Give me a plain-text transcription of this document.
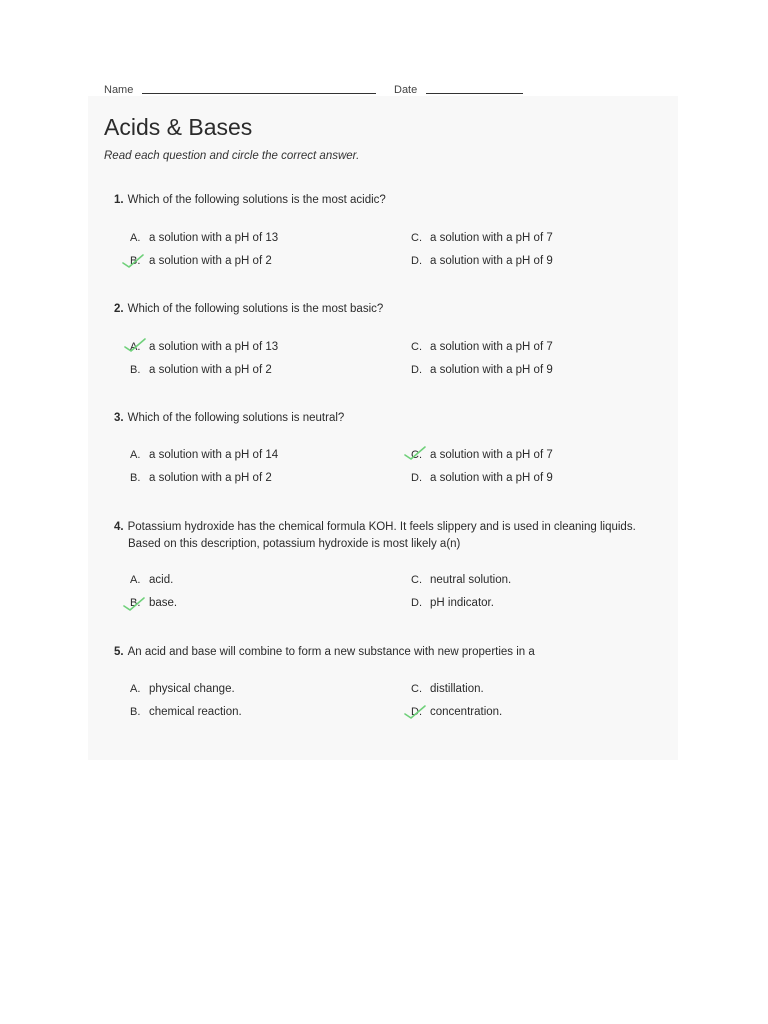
Name	Date
Acids & Bases
Read each question and circle the correct answer.
1. Which of the following solutions is the most acidic?
A. a solution with a pH of 13
B. a solution with a pH of 2
C. a solution with a pH of 7
D. a solution with a pH of 9
2. Which of the following solutions is the most basic?
A. a solution with a pH of 13
B. a solution with a pH of 2
C. a solution with a pH of 7
D. a solution with a pH of 9
3. Which of the following solutions is neutral?
A. a solution with a pH of 14
B. a solution with a pH of 2
C. a solution with a pH of 7
D. a solution with a pH of 9
4. Potassium hydroxide has the chemical formula KOH. It feels slippery and is used in cleaning liquids.
Based on this description, potassium hydroxide is most likely a(n)
A. acid.
B. base.
C. neutral solution.
D. pH indicator.
5. An acid and base will combine to form a new substance with new properties in a
A. physical change.
B. chemical reaction.
C. distillation.
D. concentration.
